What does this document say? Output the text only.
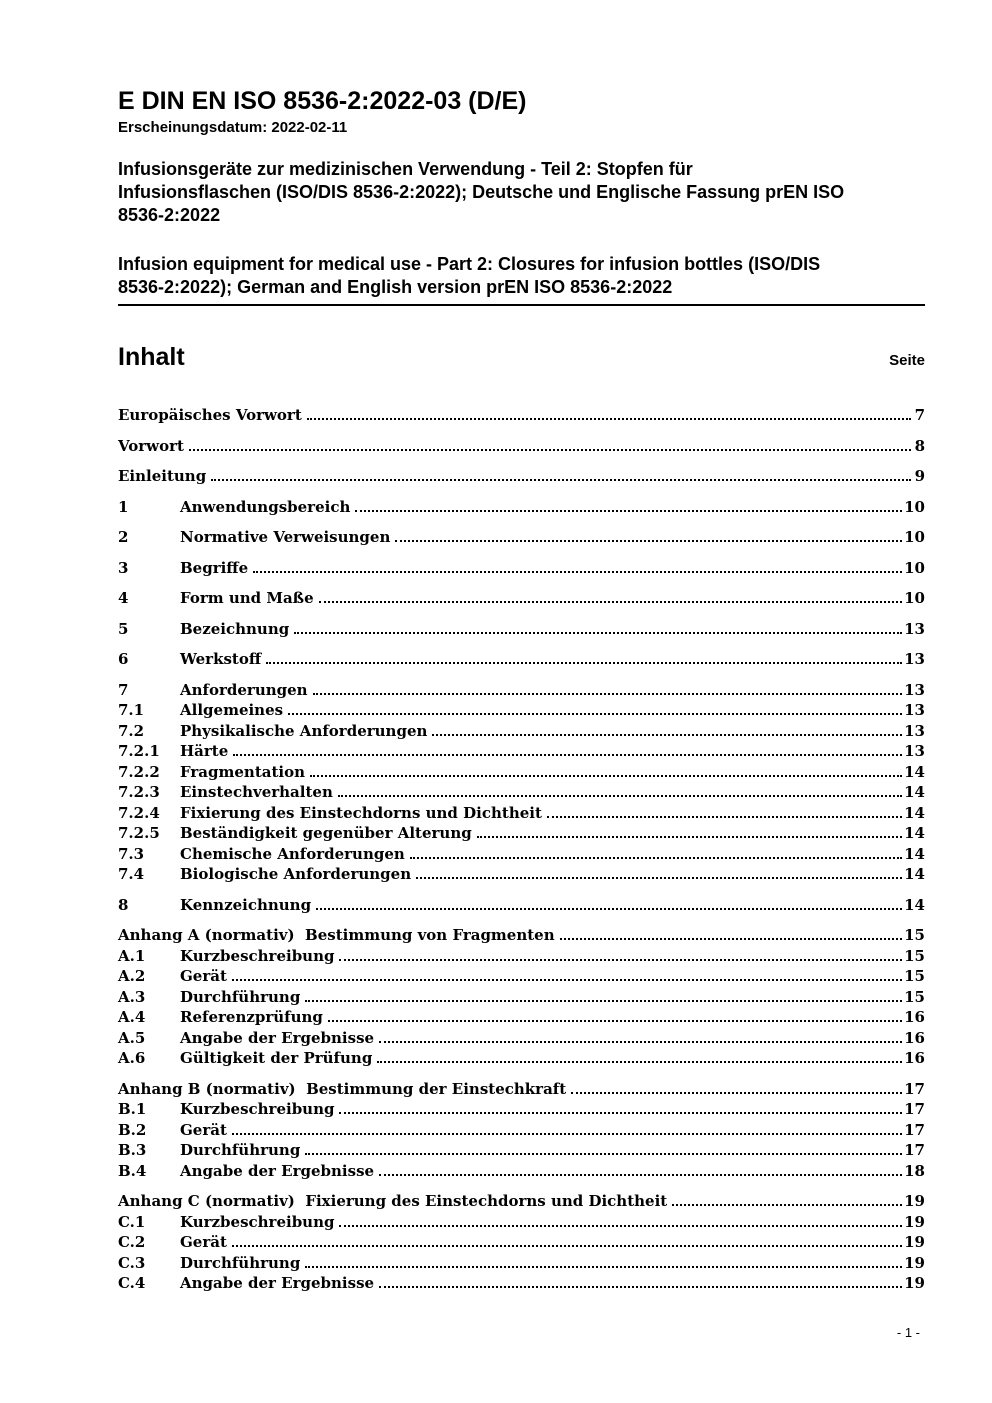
E DIN EN ISO 8536-2:2022-03 (D/E)
Erscheinungsdatum: 2022-02-11
Infusionsgeräte zur medizinischen Verwendung - Teil 2: Stopfen für
Infusionsflaschen (ISO/DIS 8536-2:2022); Deutsche und Englische Fassung prEN ISO
8536-2:2022
Infusion equipment for medical use - Part 2: Closures for infusion bottles (ISO/DIS
8536-2:2022); German and English version prEN ISO 8536-2:2022
Inhalt	Seite
Europäisches Vorwort	7
Vorwort	8
Einleitung	9
1	Anwendungsbereich	10
2	Normative Verweisungen	10
3	Begriffe	10
4	Form und Maße	10
5	Bezeichnung	13
6	Werkstoff	13
7	Anforderungen	13
7.1	Allgemeines	13
7.2	Physikalische Anforderungen	13
7.2.1	Härte	13
7.2.2	Fragmentation	14
7.2.3	Einstechverhalten	14
7.2.4	Fixierung des Einstechdorns und Dichtheit	14
7.2.5	Beständigkeit gegenüber Alterung	14
7.3	Chemische Anforderungen	14
7.4	Biologische Anforderungen	14
8	Kennzeichnung	14
Anhang A (normativ)  Bestimmung von Fragmenten	15
A.1	Kurzbeschreibung	15
A.2	Gerät	15
A.3	Durchführung	15
A.4	Referenzprüfung	16
A.5	Angabe der Ergebnisse	16
A.6	Gültigkeit der Prüfung	16
Anhang B (normativ)  Bestimmung der Einstechkraft	17
B.1	Kurzbeschreibung	17
B.2	Gerät	17
B.3	Durchführung	17
B.4	Angabe der Ergebnisse	18
Anhang C (normativ)  Fixierung des Einstechdorns und Dichtheit	19
C.1	Kurzbeschreibung	19
C.2	Gerät	19
C.3	Durchführung	19
C.4	Angabe der Ergebnisse	19
- 1 -
